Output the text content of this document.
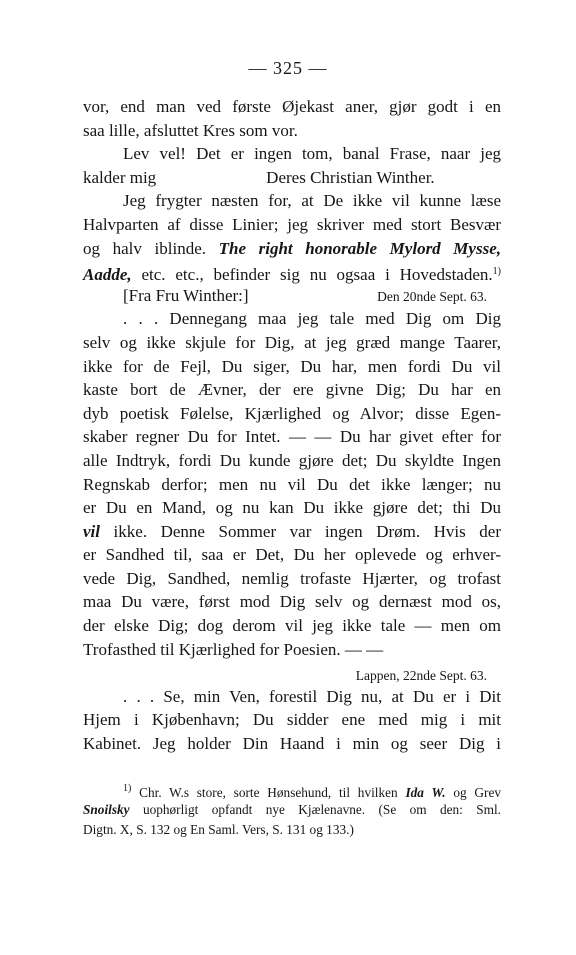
— 325 —
vor, end man ved første Øjekast aner, gjør godt i en
saa lille, afsluttet Kres som vor.
Lev vel! Det er ingen tom, banal Frase, naar jeg
kalder mig	Deres Christian Winther.
Jeg frygter næsten for, at De ikke vil kunne læse
Halvparten af disse Linier; jeg skriver med stort Besvær
og halv iblinde. The right honorable Mylord Mysse,
Aadde, etc. etc., befinder sig nu ogsaa i Hovedstaden.$^{1)}$
[Fra Fru Winther:]	Den 20nde Sept. 63.
. . . Dennegang maa jeg tale med Dig om Dig
selv og ikke skjule for Dig, at jeg græd mange Taarer,
ikke for de Fejl, Du siger, Du har, men fordi Du vil
kaste bort de Ævner, der ere givne Dig; Du har en
dyb poetisk Følelse, Kjærlighed og Alvor; disse Egen-
skaber regner Du for Intet. — — Du har givet efter for
alle Indtryk, fordi Du kunde gjøre det; Du skyldte Ingen
Regnskab derfor; men nu vil Du det ikke længer; nu
er Du en Mand, og nu kan Du ikke gjøre det; thi Du
vil ikke. Denne Sommer var ingen Drøm. Hvis der
er Sandhed til, saa er Det, Du her oplevede og erhver-
vede Dig, Sandhed, nemlig trofaste Hjærter, og trofast
maa Du være, først mod Dig selv og dernæst mod os,
der elske Dig; dog derom vil jeg ikke tale — men om
Trofasthed til Kjærlighed for Poesien. — —
Lappen, 22nde Sept. 63.
. . . Se, min Ven, forestil Dig nu, at Du er i Dit
Hjem i Kjøbenhavn; Du sidder ene med mig i mit
Kabinet. Jeg holder Din Haand i min og seer Dig i
$^{1)}$ Chr. W.s store, sorte Hønsehund, til hvilken Ida W. og Grev
Snoilsky uophørligt opfandt nye Kjælenavne. (Se om den: Sml.
Digtn. X, S. 132 og En Saml. Vers, S. 131 og 133.)
